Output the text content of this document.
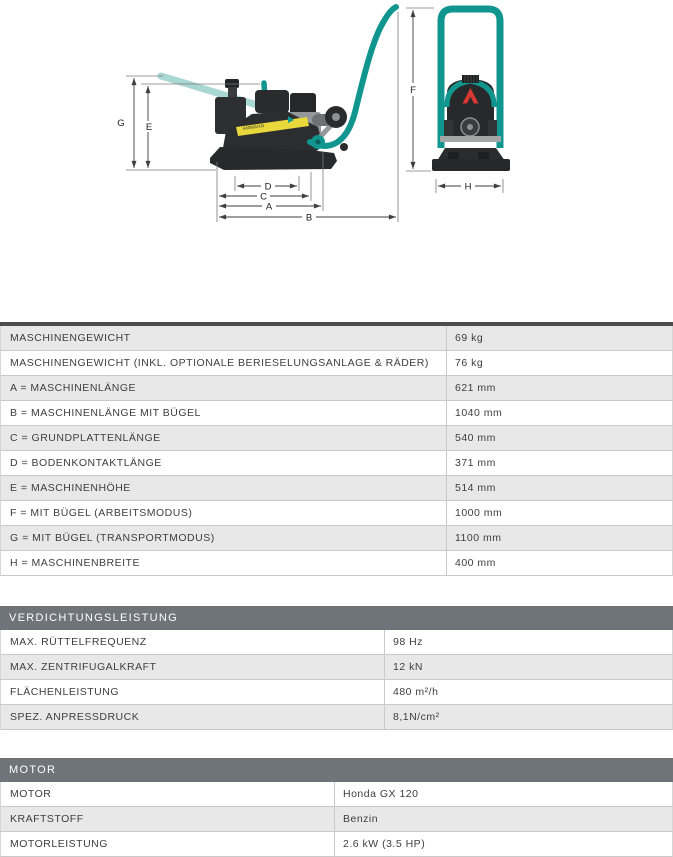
AMMANN
G E
F
D
C
A
B
H
MASCHINENGEWICHT	69 kg
MASCHINENGEWICHT (INKL. OPTIONALE BERIESELUNGSANLAGE & RÄDER)	76 kg
A = MASCHINENLÄNGE	621 mm
B = MASCHINENLÄNGE MIT BÜGEL	1040 mm
C = GRUNDPLATTENLÄNGE	540 mm
D = BODENKONTAKTLÄNGE	371 mm
E = MASCHINENHÖHE	514 mm
F = MIT BÜGEL (ARBEITSMODUS)	1000 mm
G = MIT BÜGEL (TRANSPORTMODUS)	1100 mm
H = MASCHINENBREITE	400 mm
VERDICHTUNGSLEISTUNG
MAX. RÜTTELFREQUENZ	98 Hz
MAX. ZENTRIFUGALKRAFT	12 kN
FLÄCHENLEISTUNG	480 m²/h
SPEZ. ANPRESSDRUCK	8,1N/cm²
MOTOR
MOTOR	Honda GX 120
KRAFTSTOFF	Benzin
MOTORLEISTUNG	2.6 kW (3.5 HP)
